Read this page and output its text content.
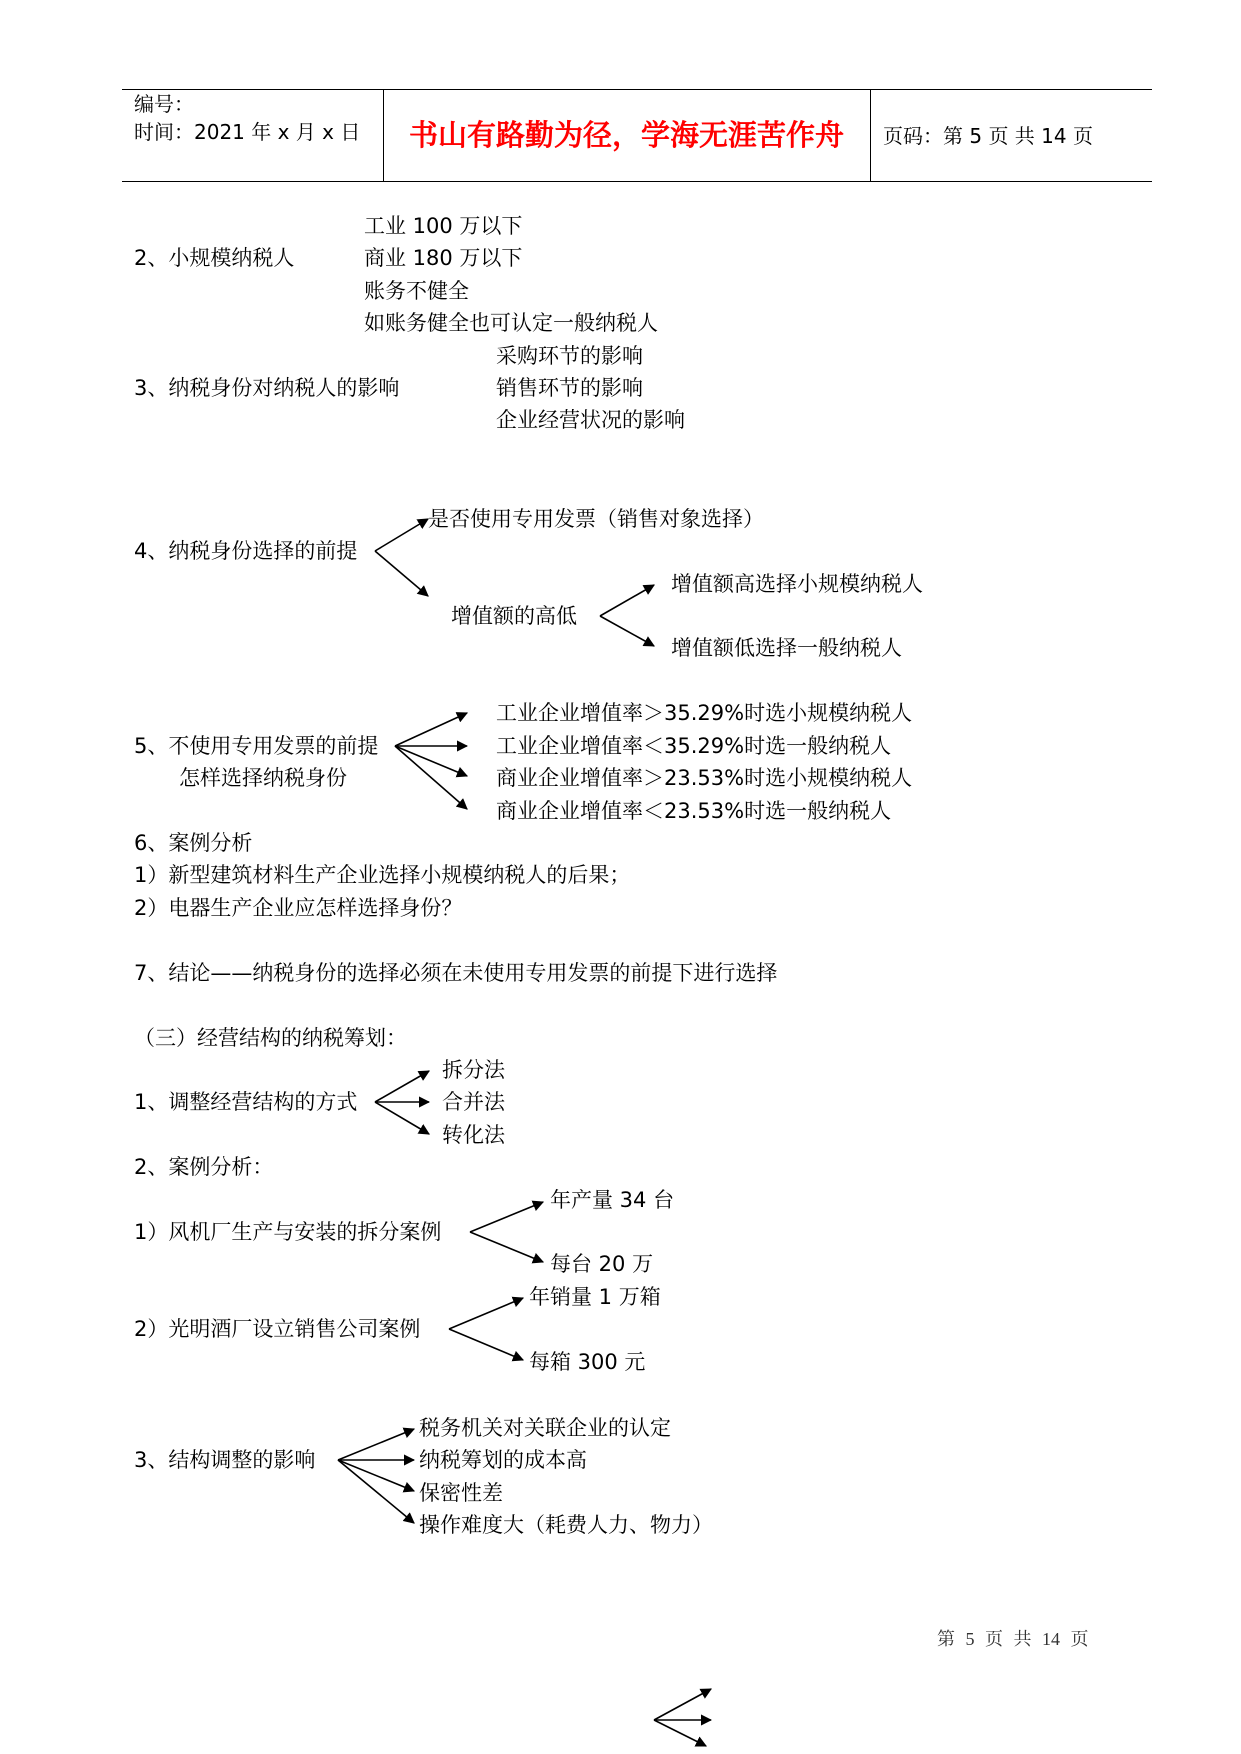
编号：
时间：2021 年 x 月 x 日 书山有路勤为径，学海无涯苦作舟 页码：第 5 页 共 14 页
工业 100 万以下
2、小规模纳税人	商业 180 万以下
账务不健全
如账务健全也可认定一般纳税人
采购环节的影响
3、纳税身份对纳税人的影响	销售环节的影响
企业经营状况的影响
是否使用专用发票（销售对象选择）
4、纳税身份选择的前提
增值额高选择小规模纳税人
增值额的高低
增值额低选择一般纳税人
工业企业增值率＞35.29%时选小规模纳税人
5、不使用专用发票的前提	工业企业增值率＜35.29%时选一般纳税人
怎样选择纳税身份	商业企业增值率＞23.53%时选小规模纳税人
商业企业增值率＜23.53%时选一般纳税人
6、案例分析
1）新型建筑材料生产企业选择小规模纳税人的后果；
2）电器生产企业应怎样选择身份？
7、结论——纳税身份的选择必须在未使用专用发票的前提下进行选择
（三）经营结构的纳税筹划：
拆分法
1、调整经营结构的方式	合并法
转化法
2、案例分析：
年产量 34 台
1）风机厂生产与安装的拆分案例
每台 20 万
年销量 1 万箱
2）光明酒厂设立销售公司案例
每箱 300 元
税务机关对关联企业的认定
3、结构调整的影响	纳税筹划的成本高
保密性差
操作难度大（耗费人力、物力）
第 5 页 共 14 页
